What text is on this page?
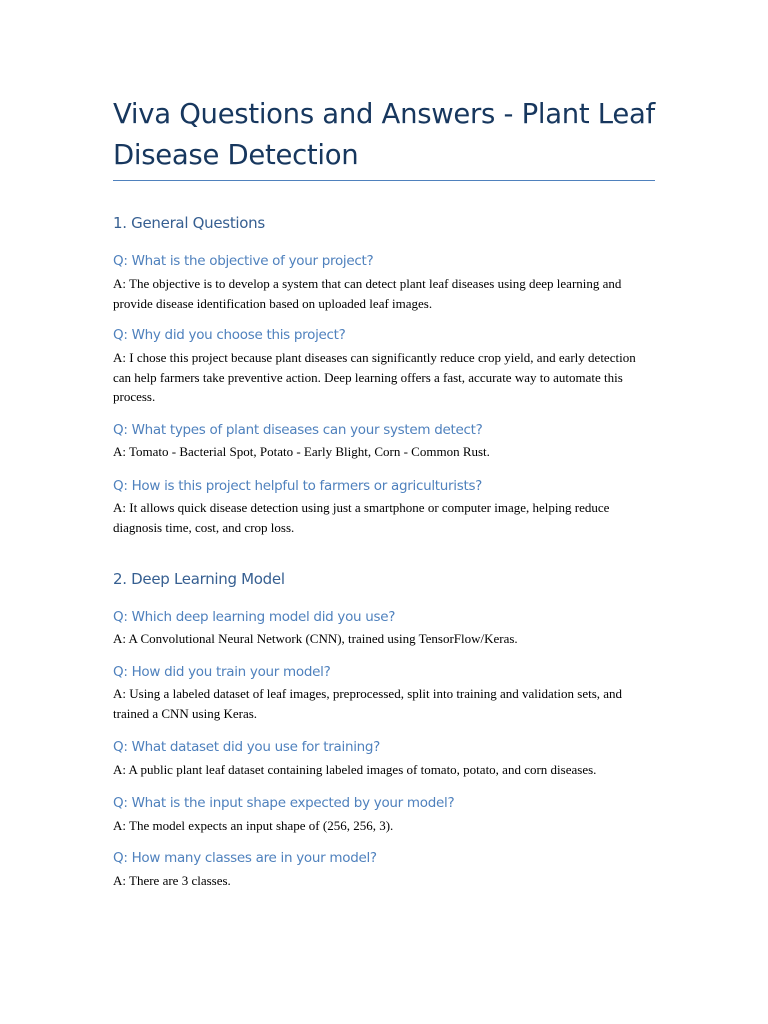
Viva Questions and Answers - Plant Leaf Disease Detection
1. General Questions
Q: What is the objective of your project?

A: The objective is to develop a system that can detect plant leaf diseases using deep learning and provide disease identification based on uploaded leaf images.

Q: Why did you choose this project?

A: I chose this project because plant diseases can significantly reduce crop yield, and early detection can help farmers take preventive action. Deep learning offers a fast, accurate way to automate this process.

Q: What types of plant diseases can your system detect?

A: Tomato - Bacterial Spot, Potato - Early Blight, Corn - Common Rust.

Q: How is this project helpful to farmers or agriculturists?

A: It allows quick disease detection using just a smartphone or computer image, helping reduce diagnosis time, cost, and crop loss.

2. Deep Learning Model
Q: Which deep learning model did you use?

A: A Convolutional Neural Network (CNN), trained using TensorFlow/Keras.

Q: How did you train your model?

A: Using a labeled dataset of leaf images, preprocessed, split into training and validation sets, and trained a CNN using Keras.

Q: What dataset did you use for training?

A: A public plant leaf dataset containing labeled images of tomato, potato, and corn diseases.

Q: What is the input shape expected by your model?

A: The model expects an input shape of (256, 256, 3).

Q: How many classes are in your model?

A: There are 3 classes.
